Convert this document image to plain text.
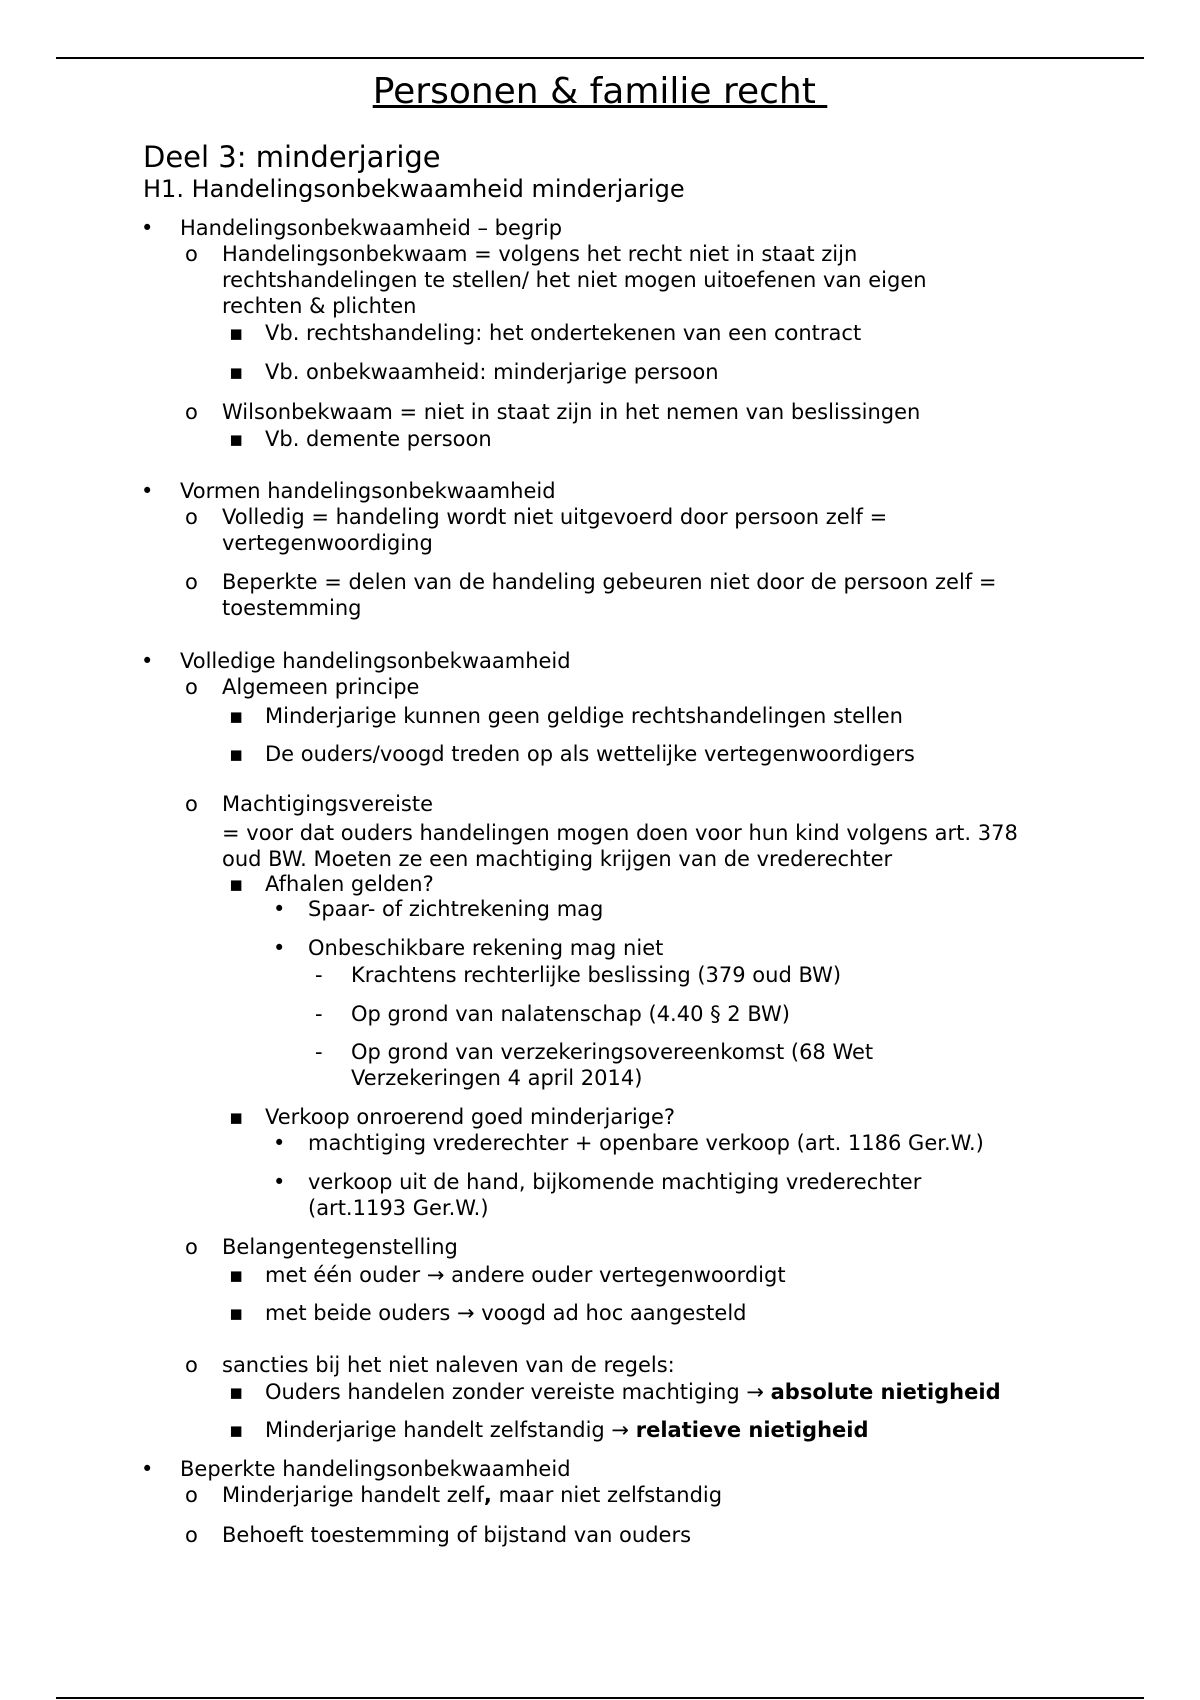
Personen & familie recht
Deel 3: minderjarige
H1. Handelingsonbekwaamheid minderjarige
• Handelingsonbekwaamheid – begrip
o Handelingsonbekwaam = volgens het recht niet in staat zijn rechtshandelingen te stellen/ het niet mogen uitoefenen van eigen rechten & plichten
▪ Vb. rechtshandeling: het ondertekenen van een contract
▪ Vb. onbekwaamheid: minderjarige persoon
o Wilsonbekwaam = niet in staat zijn in het nemen van beslissingen
▪ Vb. demente persoon
• Vormen handelingsonbekwaamheid
o Volledig = handeling wordt niet uitgevoerd door persoon zelf = vertegenwoordiging
o Beperkte = delen van de handeling gebeuren niet door de persoon zelf = toestemming
• Volledige handelingsonbekwaamheid
o Algemeen principe
▪ Minderjarige kunnen geen geldige rechtshandelingen stellen
▪ De ouders/voogd treden op als wettelijke vertegenwoordigers
o Machtigingsvereiste
= voor dat ouders handelingen mogen doen voor hun kind volgens art. 378 oud BW. Moeten ze een machtiging krijgen van de vrederechter
▪ Afhalen gelden?
• Spaar- of zichtrekening mag
• Onbeschikbare rekening mag niet
- Krachtens rechterlijke beslissing (379 oud BW)
- Op grond van nalatenschap (4.40 § 2 BW)
- Op grond van verzekeringsovereenkomst (68 Wet Verzekeringen 4 april 2014)
▪ Verkoop onroerend goed minderjarige?
• machtiging vrederechter + openbare verkoop (art. 1186 Ger.W.)
• verkoop uit de hand, bijkomende machtiging vrederechter (art.1193 Ger.W.)
o Belangentegenstelling
▪ met één ouder → andere ouder vertegenwoordigt
▪ met beide ouders → voogd ad hoc aangesteld
o sancties bij het niet naleven van de regels:
▪ Ouders handelen zonder vereiste machtiging → absolute nietigheid
▪ Minderjarige handelt zelfstandig → relatieve nietigheid
• Beperkte handelingsonbekwaamheid
o Minderjarige handelt zelf, maar niet zelfstandig
o Behoeft toestemming of bijstand van ouders
